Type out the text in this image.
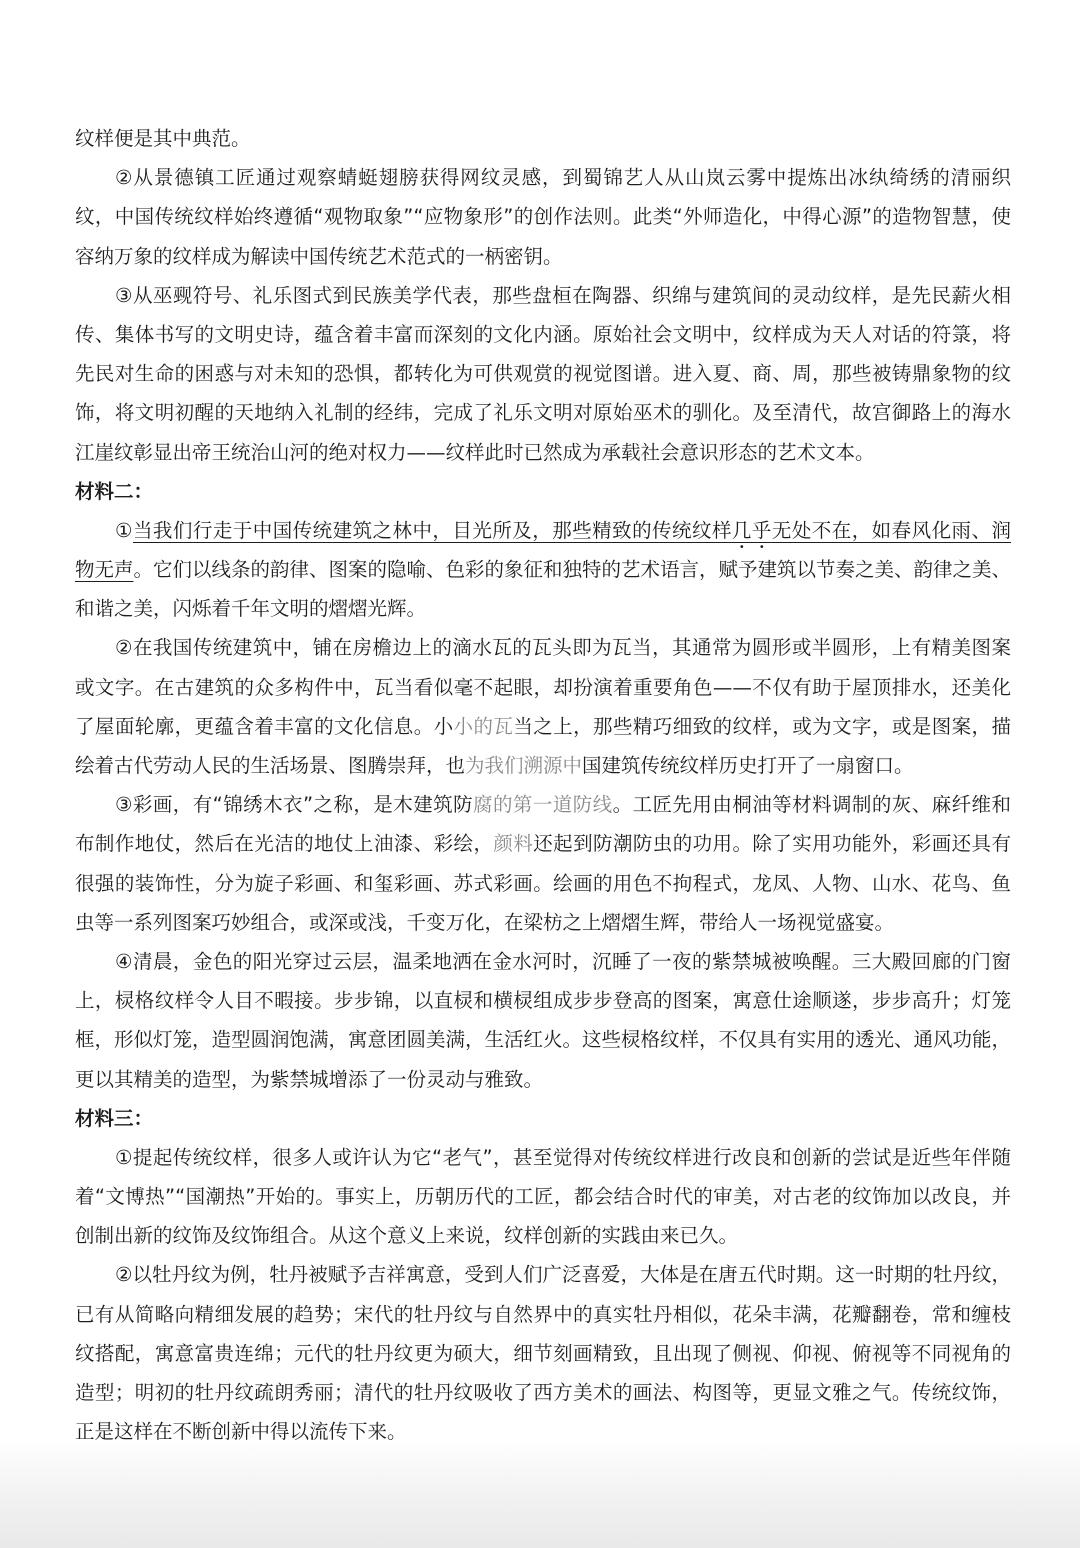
纹样便是其中典范。
②从景德镇工匠通过观察蜻蜓翅膀获得网纹灵感，到蜀锦艺人从山岚云雾中提炼出冰纨绮绣的清丽织
纹，中国传统纹样始终遵循“观物取象”“应物象形”的创作法则。此类“外师造化，中得心源”的造物智慧，使
容纳万象的纹样成为解读中国传统艺术范式的一柄密钥。
③从巫觋符号、礼乐图式到民族美学代表，那些盘桓在陶器、织绵与建筑间的灵动纹样，是先民薪火相
传、集体书写的文明史诗，蕴含着丰富而深刻的文化内涵。原始社会文明中，纹样成为天人对话的符箓，将
先民对生命的困惑与对未知的恐惧，都转化为可供观赏的视觉图谱。进入夏、商、周，那些被铸鼎象物的纹
饰，将文明初醒的天地纳入礼制的经纬，完成了礼乐文明对原始巫术的驯化。及至清代，故宫御路上的海水
江崖纹彰显出帝王统治山河的绝对权力——纹样此时已然成为承载社会意识形态的艺术文本。
材料二：
①当我们行走于中国传统建筑之林中，目光所及，那些精致的传统纹样几乎无处不在，如春风化雨、润
物无声。它们以线条的韵律、图案的隐喻、色彩的象征和独特的艺术语言，赋予建筑以节奏之美、韵律之美、
和谐之美，闪烁着千年文明的熠熠光辉。
②在我国传统建筑中，铺在房檐边上的滴水瓦的瓦头即为瓦当，其通常为圆形或半圆形，上有精美图案
或文字。在古建筑的众多构件中，瓦当看似毫不起眼，却扮演着重要角色——不仅有助于屋顶排水，还美化
了屋面轮廓，更蕴含着丰富的文化信息。小小的瓦当之上，那些精巧细致的纹样，或为文字，或是图案，描
绘着古代劳动人民的生活场景、图腾崇拜，也为我们溯源中国建筑传统纹样历史打开了一扇窗口。
③彩画，有“锦绣木衣”之称，是木建筑防腐的第一道防线。工匠先用由桐油等材料调制的灰、麻纤维和
布制作地仗，然后在光洁的地仗上油漆、彩绘，颜料还起到防潮防虫的功用。除了实用功能外，彩画还具有
很强的装饰性，分为旋子彩画、和玺彩画、苏式彩画。绘画的用色不拘程式，龙凤、人物、山水、花鸟、鱼
虫等一系列图案巧妙组合，或深或浅，千变万化，在梁枋之上熠熠生辉，带给人一场视觉盛宴。
④清晨，金色的阳光穿过云层，温柔地洒在金水河时，沉睡了一夜的紫禁城被唤醒。三大殿回廊的门窗
上，棂格纹样令人目不暇接。步步锦，以直棂和横棂组成步步登高的图案，寓意仕途顺遂，步步高升；灯笼
框，形似灯笼，造型圆润饱满，寓意团圆美满，生活红火。这些棂格纹样，不仅具有实用的透光、通风功能，
更以其精美的造型，为紫禁城增添了一份灵动与雅致。
材料三：
①提起传统纹样，很多人或许认为它“老气”，甚至觉得对传统纹样进行改良和创新的尝试是近些年伴随
着“文博热”“国潮热”开始的。事实上，历朝历代的工匠，都会结合时代的审美，对古老的纹饰加以改良，并
创制出新的纹饰及纹饰组合。从这个意义上来说，纹样创新的实践由来已久。
②以牡丹纹为例，牡丹被赋予吉祥寓意，受到人们广泛喜爱，大体是在唐五代时期。这一时期的牡丹纹，
已有从简略向精细发展的趋势；宋代的牡丹纹与自然界中的真实牡丹相似，花朵丰满，花瓣翻卷，常和缠枝
纹搭配，寓意富贵连绵；元代的牡丹纹更为硕大，细节刻画精致，且出现了侧视、仰视、俯视等不同视角的
造型；明初的牡丹纹疏朗秀丽；清代的牡丹纹吸收了西方美术的画法、构图等，更显文雅之气。传统纹饰，
正是这样在不断创新中得以流传下来。
